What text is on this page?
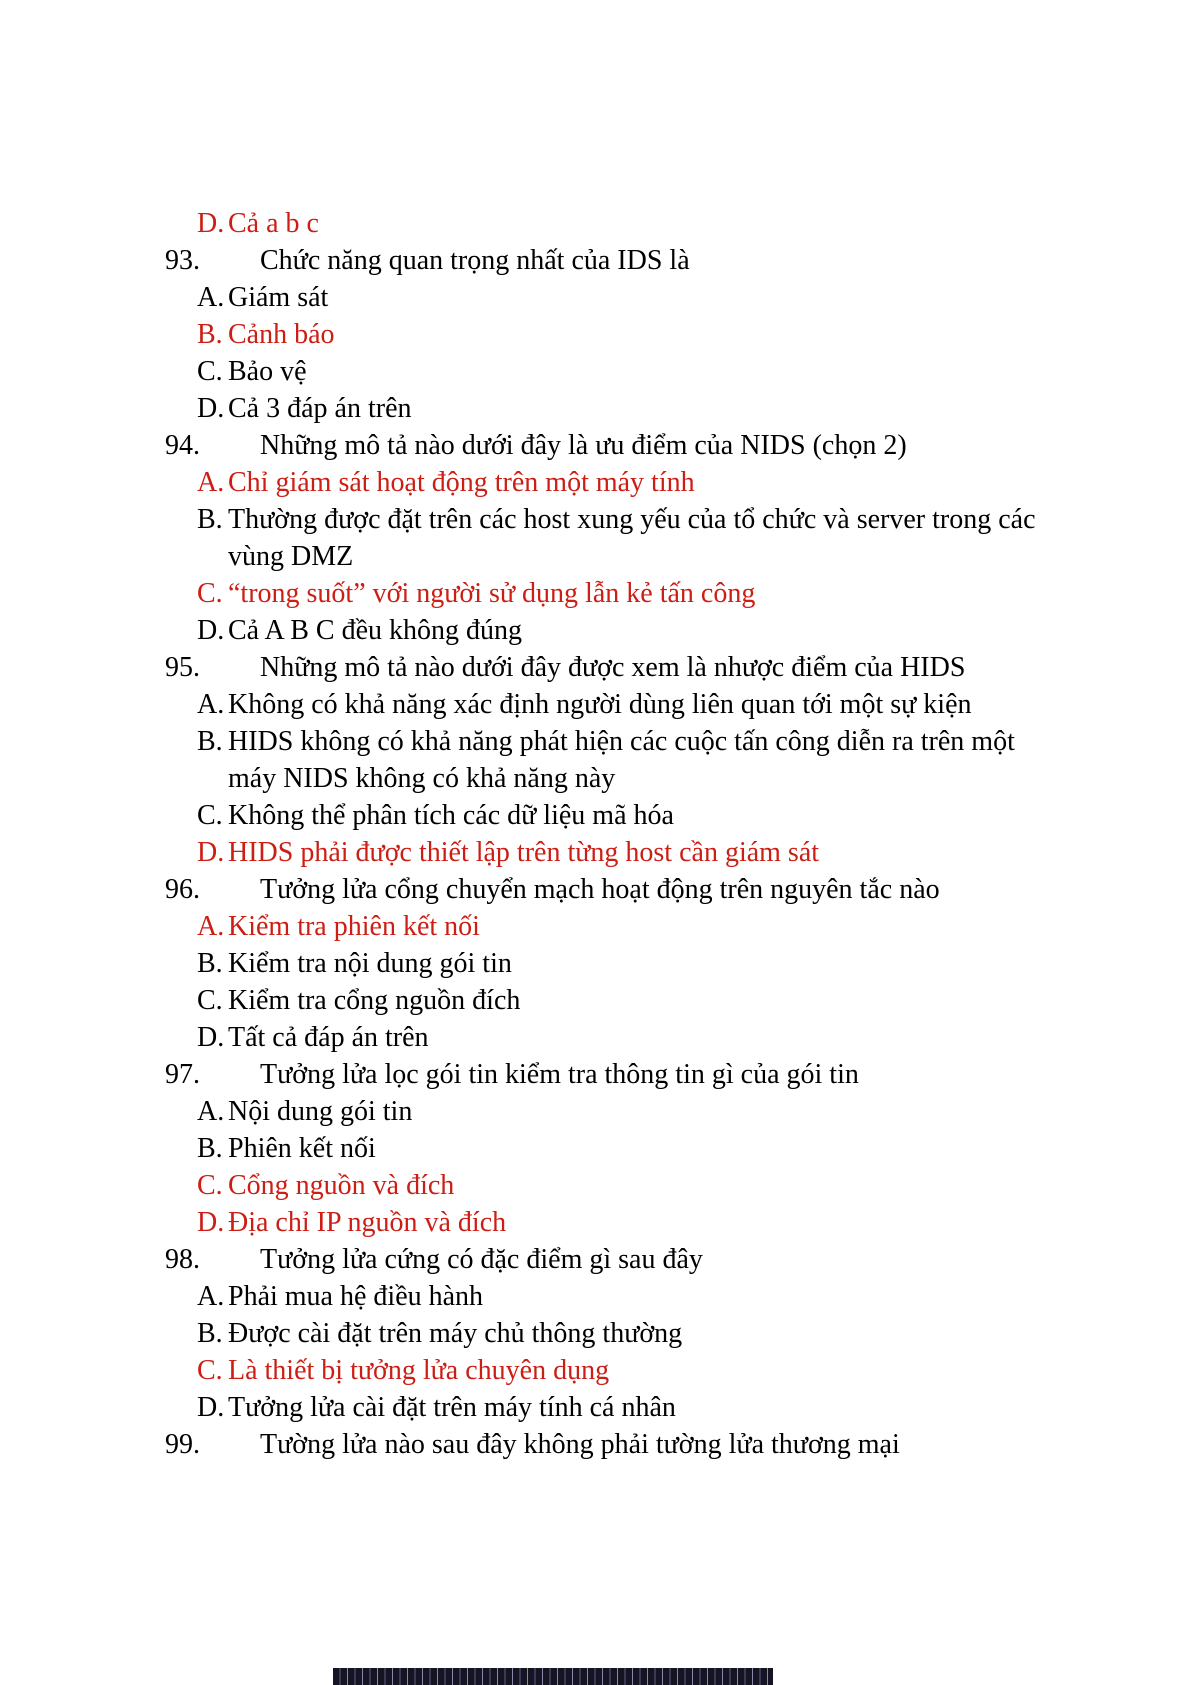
D. Cả a b c
93. Chức năng quan trọng nhất của IDS là
A. Giám sát
B. Cảnh báo
C. Bảo vệ
D. Cả 3 đáp án trên
94. Những mô tả nào dưới đây là ưu điểm của NIDS (chọn 2)
A. Chỉ giám sát hoạt động trên một máy tính
B. Thường được đặt trên các host xung yếu của tổ chức và server trong các vùng DMZ
C. “trong suốt” với người sử dụng lẫn kẻ tấn công
D. Cả A B C đều không đúng
95. Những mô tả nào dưới đây được xem là nhược điểm của HIDS
A. Không có khả năng xác định người dùng liên quan tới một sự kiện
B. HIDS không có khả năng phát hiện các cuộc tấn công diễn ra trên một máy NIDS không có khả năng này
C. Không thể phân tích các dữ liệu mã hóa
D. HIDS phải được thiết lập trên từng host cần giám sát
96. Tưởng lửa cổng chuyển mạch hoạt động trên nguyên tắc nào
A. Kiểm tra phiên kết nối
B. Kiểm tra nội dung gói tin
C. Kiểm tra cổng nguồn đích
D. Tất cả đáp án trên
97. Tưởng lửa lọc gói tin kiểm tra thông tin gì của gói tin
A. Nội dung gói tin
B. Phiên kết nối
C. Cổng nguồn và đích
D. Địa chỉ IP nguồn và đích
98. Tưởng lửa cứng có đặc điểm gì sau đây
A. Phải mua hệ điều hành
B. Được cài đặt trên máy chủ thông thường
C. Là thiết bị tưởng lửa chuyên dụng
D. Tưởng lửa cài đặt trên máy tính cá nhân
99. Tường lửa nào sau đây không phải tường lửa thương mại
